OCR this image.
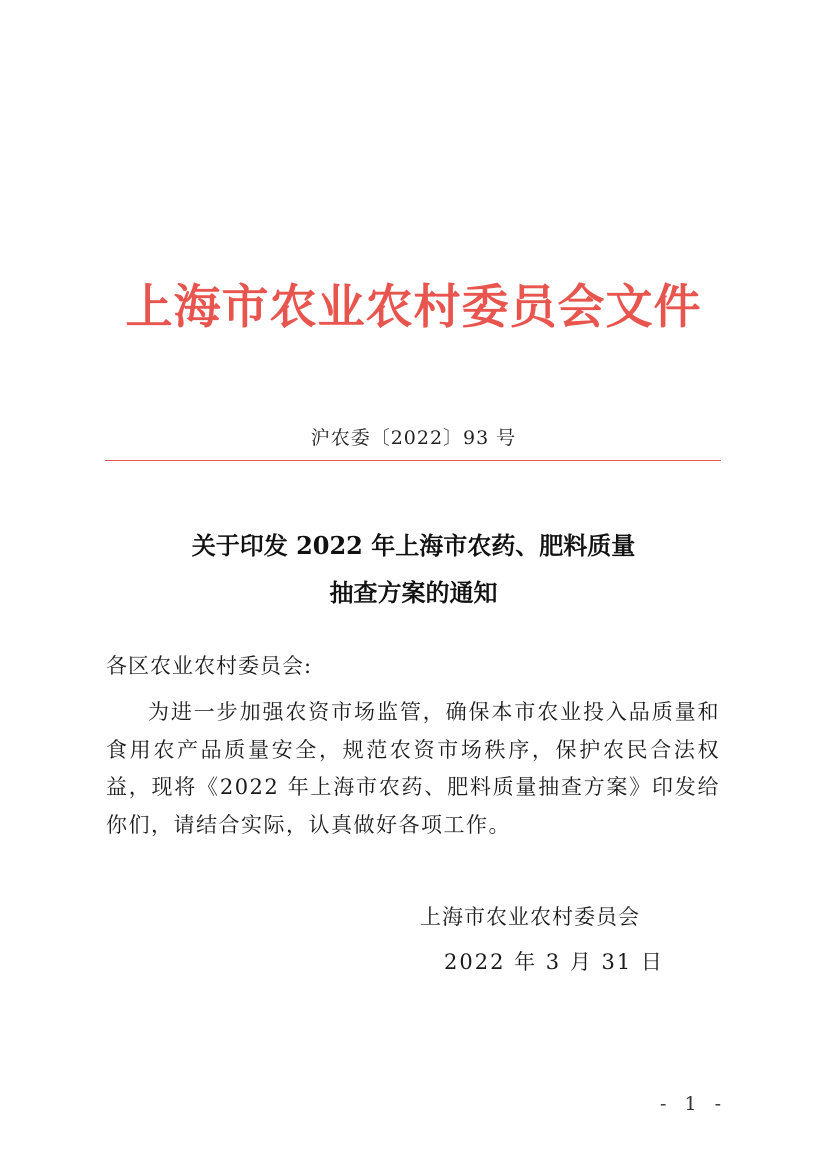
上海市农业农村委员会文件
沪农委〔2022〕93 号
关于印发 2022 年上海市农药、肥料质量
抽查方案的通知
各区农业农村委员会:
为进一步加强农资市场监管，确保本市农业投入品质量和食用农产品质量安全，规范农资市场秩序，保护农民合法权益，现将《2022 年上海市农药、肥料质量抽查方案》印发给你们，请结合实际，认真做好各项工作。
上海市农业农村委员会
2022 年 3 月 31 日
- 1 -
